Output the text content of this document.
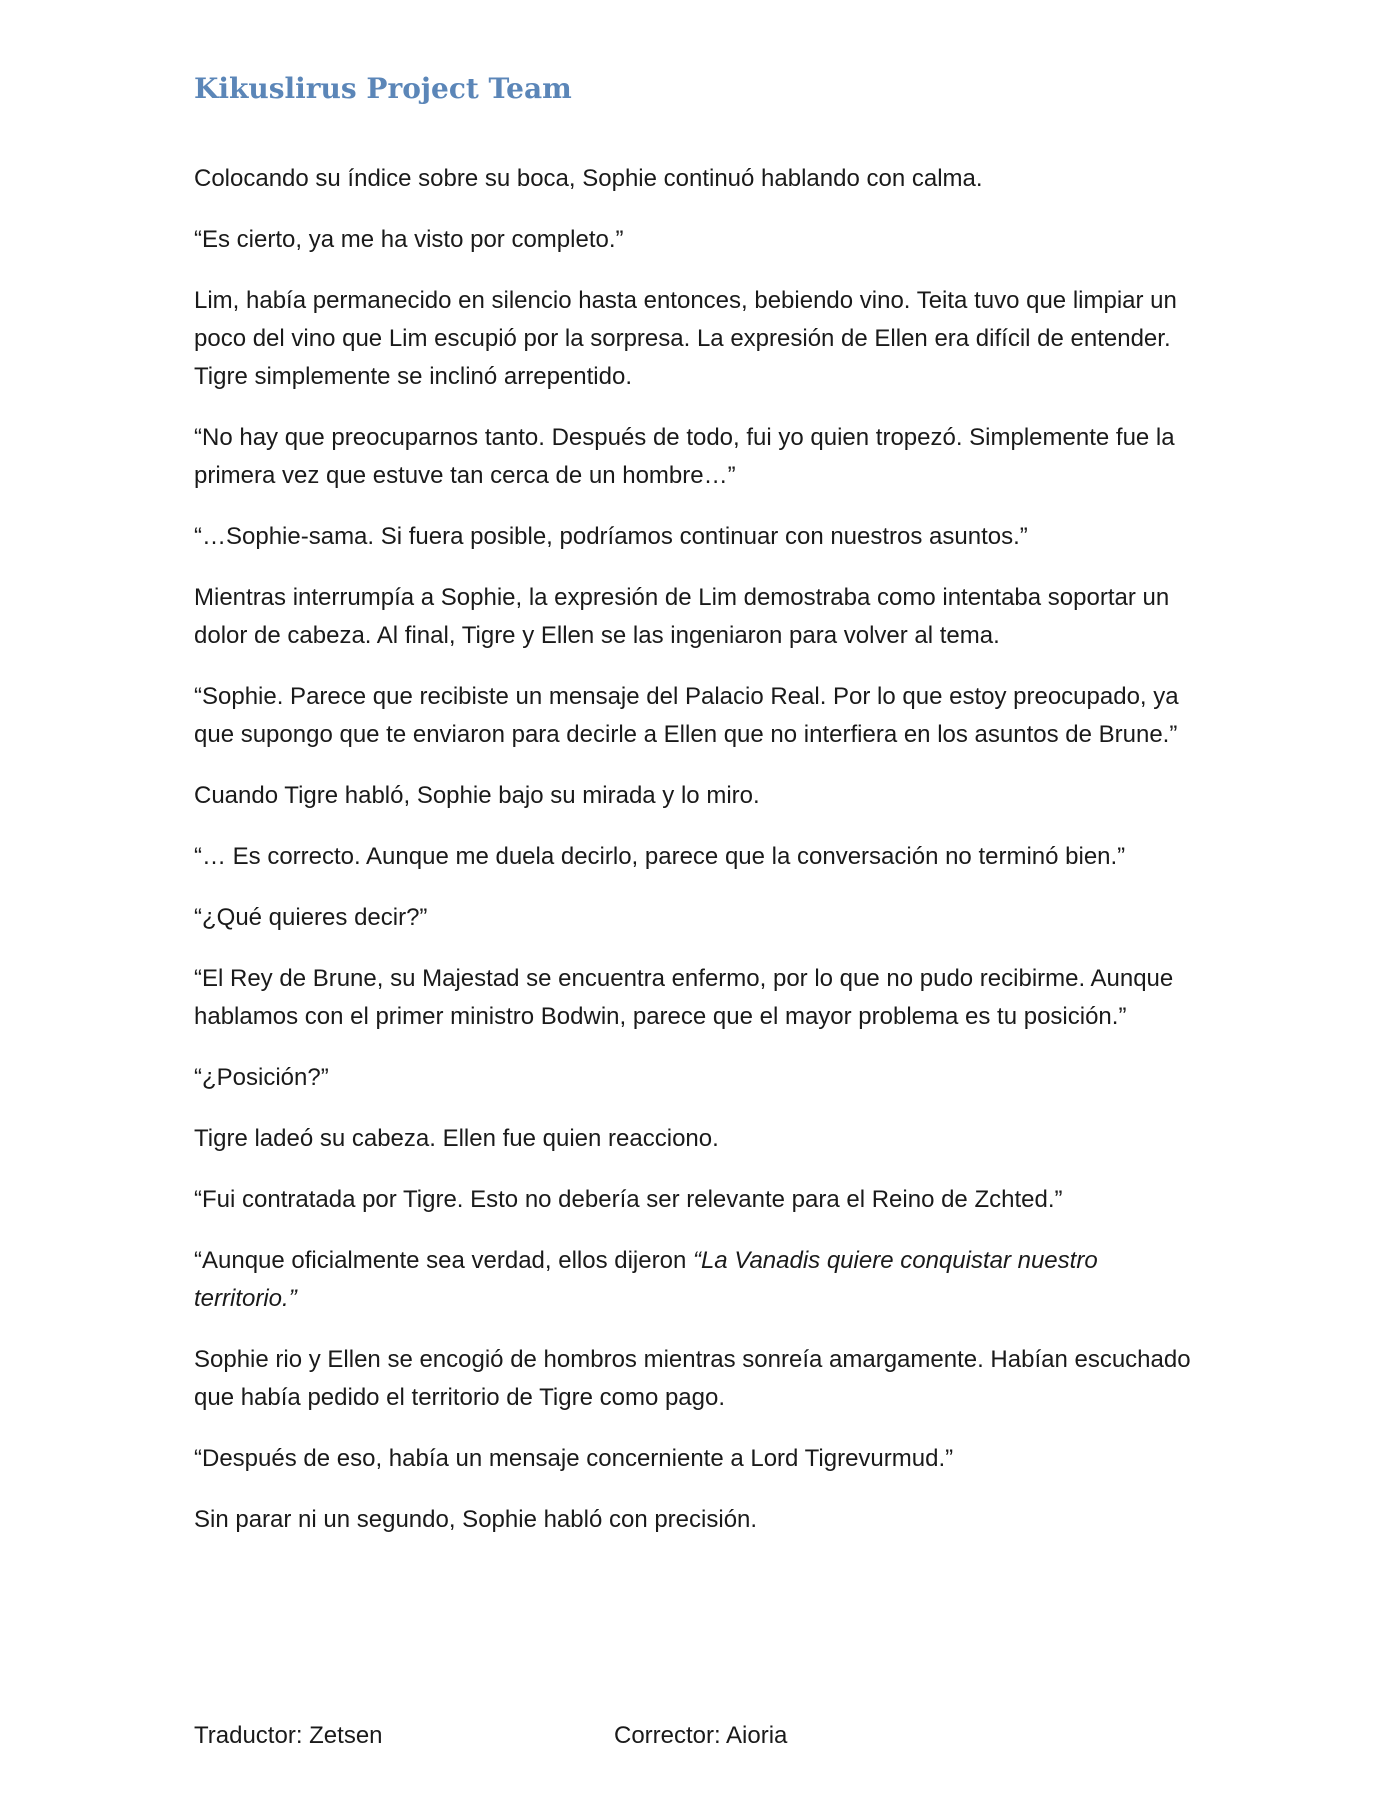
Kikuslirus Project Team

Colocando su índice sobre su boca, Sophie continuó hablando con calma.

“Es cierto, ya me ha visto por completo.”

Lim, había permanecido en silencio hasta entonces, bebiendo vino. Teita tuvo que limpiar un poco del vino que Lim escupió por la sorpresa. La expresión de Ellen era difícil de entender. Tigre simplemente se inclinó arrepentido.

“No hay que preocuparnos tanto. Después de todo, fui yo quien tropezó. Simplemente fue la primera vez que estuve tan cerca de un hombre…”

“…Sophie-sama. Si fuera posible, podríamos continuar con nuestros asuntos.”

Mientras interrumpía a Sophie, la expresión de Lim demostraba como intentaba soportar un dolor de cabeza. Al final, Tigre y Ellen se las ingeniaron para volver al tema.

“Sophie. Parece que recibiste un mensaje del Palacio Real. Por lo que estoy preocupado, ya que supongo que te enviaron para decirle a Ellen que no interfiera en los asuntos de Brune.”

Cuando Tigre habló, Sophie bajo su mirada y lo miro.

“… Es correcto. Aunque me duela decirlo, parece que la conversación no terminó bien.”

“¿Qué quieres decir?”

“El Rey de Brune, su Majestad se encuentra enfermo, por lo que no pudo recibirme. Aunque hablamos con el primer ministro Bodwin, parece que el mayor problema es tu posición.”

“¿Posición?”

Tigre ladeó su cabeza. Ellen fue quien reacciono.

“Fui contratada por Tigre. Esto no debería ser relevante para el Reino de Zchted.”

“Aunque oficialmente sea verdad, ellos dijeron “La Vanadis quiere conquistar nuestro territorio.”

Sophie rio y Ellen se encogió de hombros mientras sonreía amargamente. Habían escuchado que había pedido el territorio de Tigre como pago.

“Después de eso, había un mensaje concerniente a Lord Tigrevurmud.”

Sin parar ni un segundo, Sophie habló con precisión.

Traductor: Zetsen	Corrector: Aioria
